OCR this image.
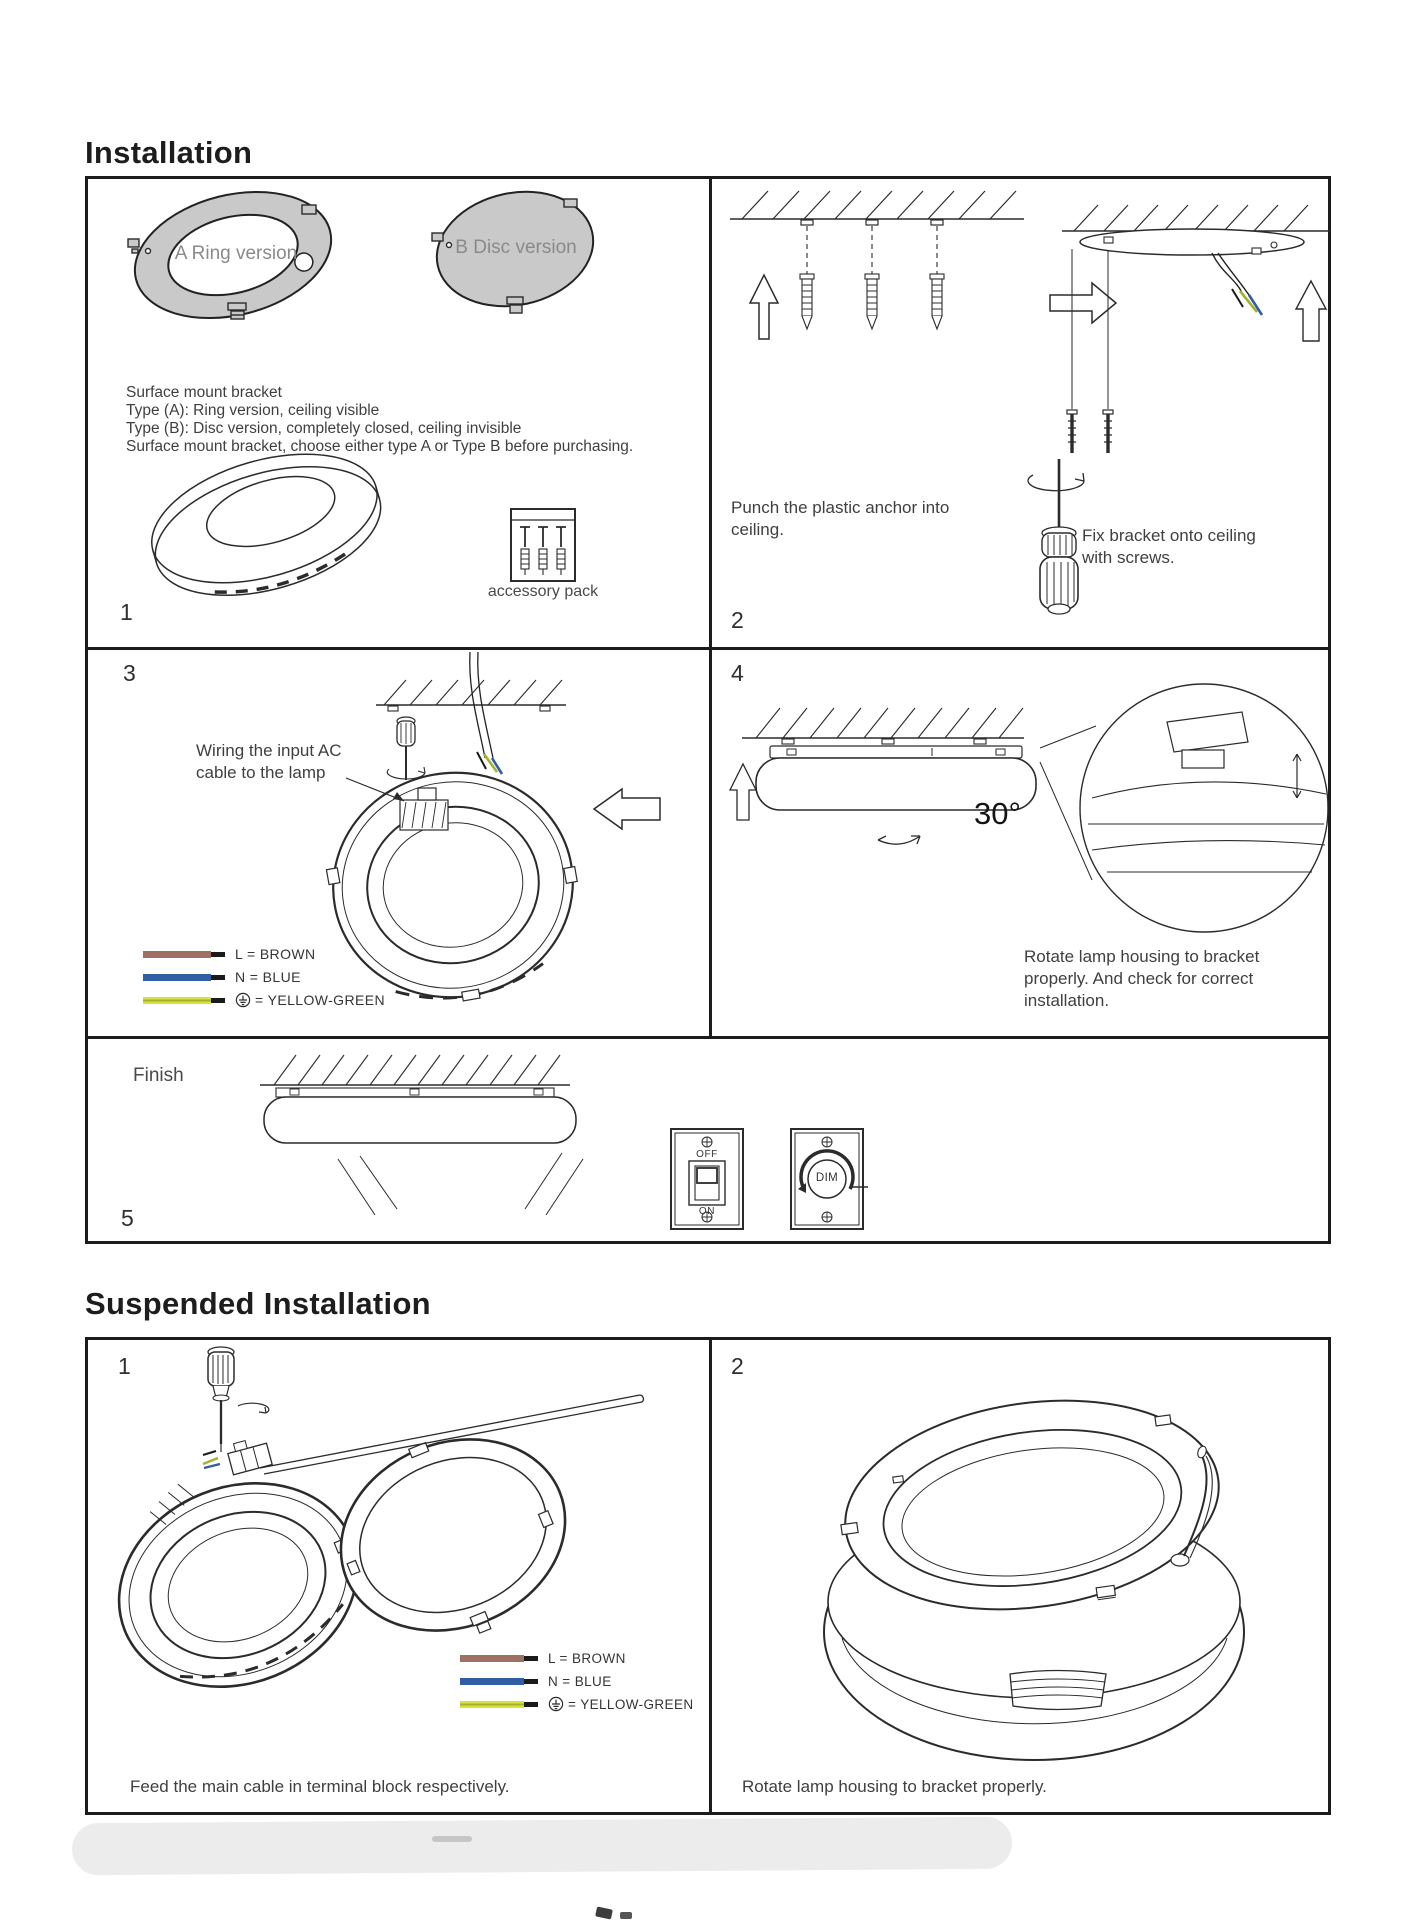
Installation
A Ring version	B Disc version
Surface mount bracket
Type (A): Ring version, ceiling visible
Type (B): Disc version, completely closed, ceiling invisible
Surface mount bracket, choose either type A or Type B before purchasing.
accessory pack
1
Punch the plastic anchor into ceiling.	Fix bracket onto ceiling with screws.
2
Wiring the input AC cable to the lamp
L = BROWN
N = BLUE
= YELLOW-GREEN
3
30°
Rotate lamp housing to bracket properly. And check for correct installation.
4
Finish
OFF
ON
DIM
5
Suspended Installation
L = BROWN
N = BLUE
= YELLOW-GREEN
Feed the main cable in terminal block respectively.
1
Rotate lamp housing to bracket properly.
2
